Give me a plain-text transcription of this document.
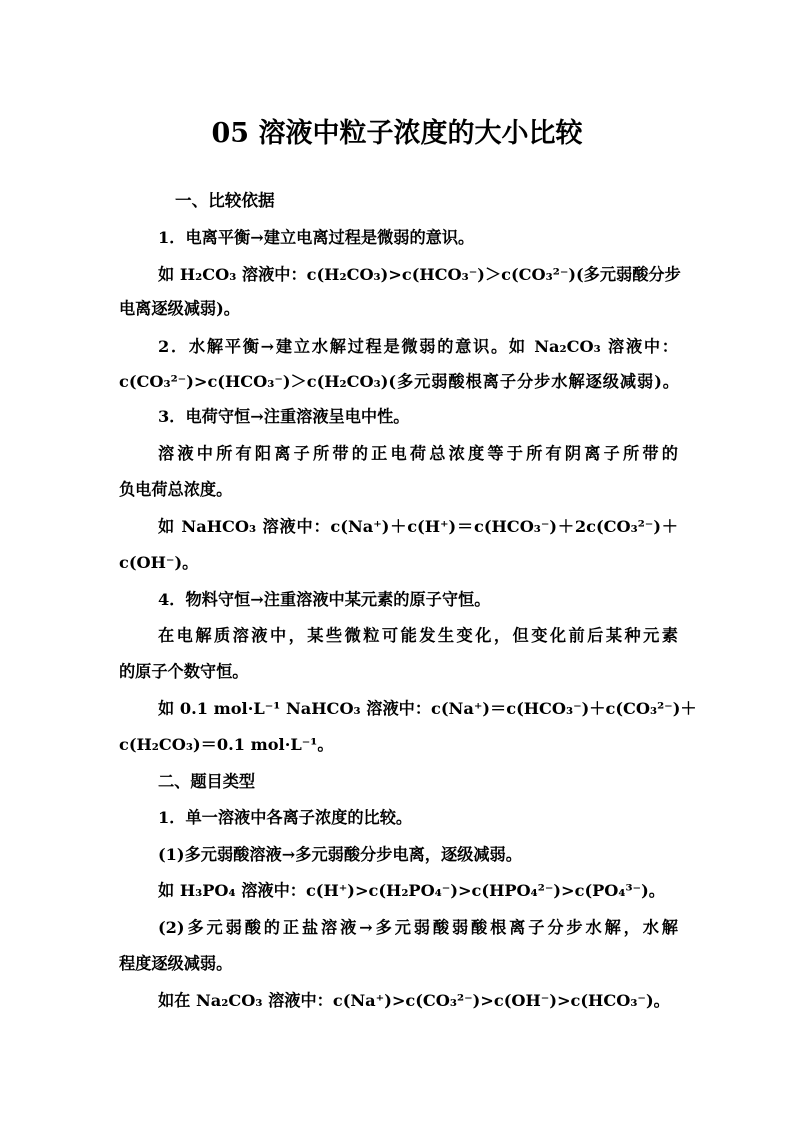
05 溶液中粒子浓度的大小比较

一、比较依据

1．电离平衡→建立电离过程是微弱的意识。

如 H₂CO₃ 溶液中：c(H₂CO₃)>c(HCO₃⁻)＞c(CO₃²⁻)(多元弱酸分步

电离逐级减弱)。

2．水解平衡→建立水解过程是微弱的意识。如 Na₂CO₃ 溶液中：

c(CO₃²⁻)>c(HCO₃⁻)＞c(H₂CO₃)(多元弱酸根离子分步水解逐级减弱)。

3．电荷守恒→注重溶液呈电中性。

溶液中所有阳离子所带的正电荷总浓度等于所有阴离子所带的

负电荷总浓度。

如 NaHCO₃ 溶液中：c(Na⁺)＋c(H⁺)＝c(HCO₃⁻)＋2c(CO₃²⁻)＋

c(OH⁻)。

4．物料守恒→注重溶液中某元素的原子守恒。

在电解质溶液中，某些微粒可能发生变化，但变化前后某种元素

的原子个数守恒。

如 0.1 mol·L⁻¹ NaHCO₃ 溶液中：c(Na⁺)＝c(HCO₃⁻)＋c(CO₃²⁻)＋

c(H₂CO₃)＝0.1 mol·L⁻¹。

二、题目类型

1．单一溶液中各离子浓度的比较。

(1)多元弱酸溶液→多元弱酸分步电离，逐级减弱。

如 H₃PO₄ 溶液中：c(H⁺)>c(H₂PO₄⁻)>c(HPO₄²⁻)>c(PO₄³⁻)。

(2)多元弱酸的正盐溶液→多元弱酸弱酸根离子分步水解，水解

程度逐级减弱。

如在 Na₂CO₃ 溶液中：c(Na⁺)>c(CO₃²⁻)>c(OH⁻)>c(HCO₃⁻)。
